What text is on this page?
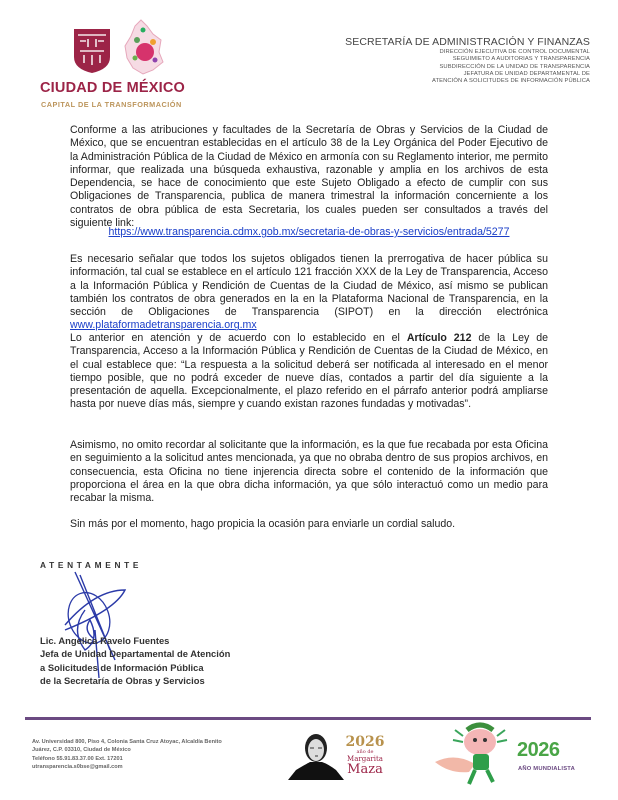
CIUDAD DE MÉXICO
CAPITAL DE LA TRANSFORMACIÓN
SECRETARÍA DE ADMINISTRACIÓN Y FINANZAS
DIRECCIÓN EJECUTIVA DE CONTROL DOCUMENTAL
SEGUIMIETO A AUDITORIAS Y TRANSPARENCIA
SUBDIRECCIÓN DE LA UNIDAD DE TRANSPARENCIA
JEFATURA DE UNIDAD DEPARTAMENTAL DE
ATENCIÓN A SOLICITUDES DE INFORMACIÓN PÚBLICA
Conforme a las atribuciones y facultades de la Secretaría de Obras y Servicios de la Ciudad de México, que se encuentran establecidas en el artículo 38 de la Ley Orgánica del Poder Ejecutivo de la Administración Pública de la Ciudad de México en armonía con su Reglamento interior, me permito informar, que realizada una búsqueda exhaustiva, razonable y amplia en los archivos de esta Dependencia, se hace de conocimiento que este Sujeto Obligado a efecto de cumplir con sus Obligaciones de Transparencia, publica de manera trimestral la información concerniente a los contratos de obra pública de esta Secretaria, los cuales pueden ser consultados a través del siguiente link:
https://www.transparencia.cdmx.gob.mx/secretaria-de-obras-y-servicios/entrada/5277
Es necesario señalar que todos los sujetos obligados tienen la prerrogativa de hacer pública su información, tal cual se establece en el artículo 121 fracción XXX de la Ley de Transparencia, Acceso a la Información Pública y Rendición de Cuentas de la Ciudad de México, así mismo se publican también los contratos de obra generados en la en la Plataforma Nacional de Transparencia, en la sección de Obligaciones de Transparencia (SIPOT) en la dirección electrónica www.plataformadetransparencia.org.mx
Lo anterior en atención y de acuerdo con lo establecido en el Artículo 212 de la Ley de Transparencia, Acceso a la Información Pública y Rendición de Cuentas de la Ciudad de México, en el cual establece que: “La respuesta a la solicitud deberá ser notificada al interesado en el menor tiempo posible, que no podrá exceder de nueve días, contados a partir del día siguiente a la presentación de aquella. Excepcionalmente, el plazo referido en el párrafo anterior podrá ampliarse hasta por nueve días más, siempre y cuando existan razones fundadas y motivadas”.
Asimismo, no omito recordar al solicitante que la información, es la que fue recabada por esta Oficina en seguimiento a la solicitud antes mencionada, ya que no obraba dentro de sus propios archivos, en consecuencia, esta Oficina no tiene injerencia directa sobre el contenido de la información que proporciona el área en la que obra dicha información, ya que sólo interactuó como un medio para recabar la misma.
Sin más por el momento, hago propicia la ocasión para enviarle un cordial saludo.
ATENTAMENTE
Lic. Angelica Ravelo Fuentes
Jefa de Unidad Departamental de Atención
a Solicitudes de Información Pública
de la Secretaría de Obras y Servicios
Av. Universidad 800, Piso 4, Colonia Santa Cruz Atoyac, Alcaldía Benito
Juárez, C.P. 03310, Ciudad de México
Teléfono 55.91.83.37.00 Ext. 17201
utransparencia.s0bse@gmail.com
2026
año de
Margarita
Maza
2026
AÑO MUNDIALISTA
